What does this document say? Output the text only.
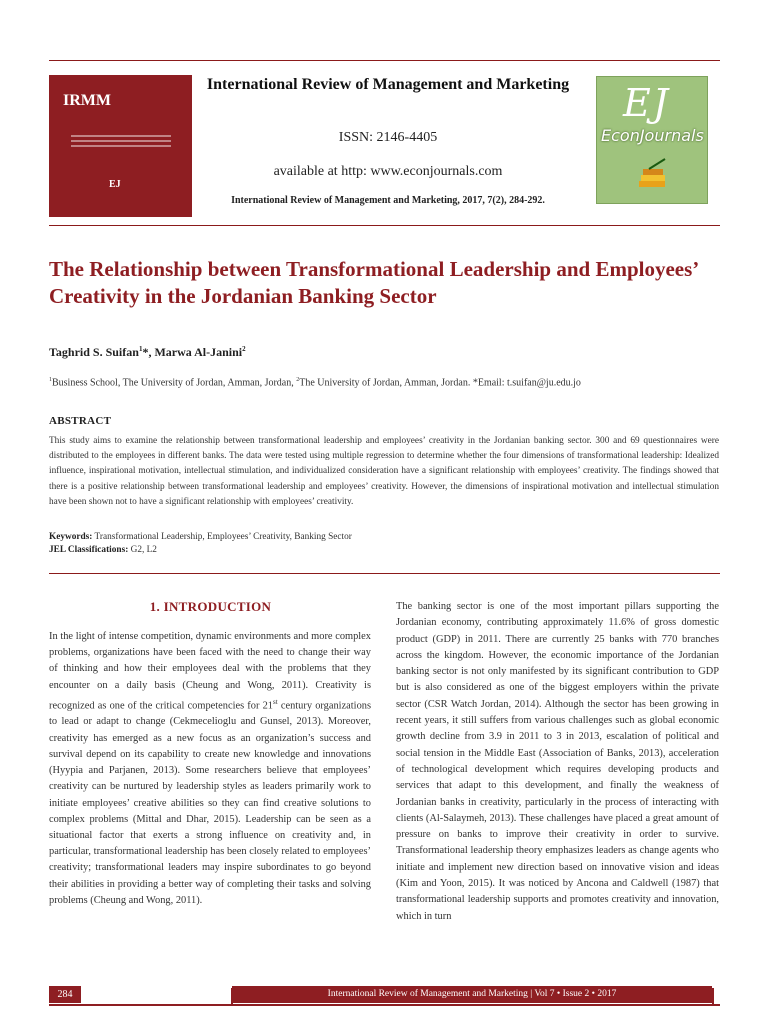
IRMM
EJ
International Review of Management and Marketing
ISSN: 2146-4405
available at http: www.econjournals.com
International Review of Management and Marketing, 2017, 7(2), 284-292.
EJ
EconJournals
The Relationship between Transformational Leadership and Employees’ Creativity in the Jordanian Banking Sector
Taghrid S. Suifan$^1$*, Marwa Al-Janini$^2$
$^1$Business School, The University of Jordan, Amman, Jordan, $^2$The University of Jordan, Amman, Jordan. *Email: t.suifan@ju.edu.jo
ABSTRACT
This study aims to examine the relationship between transformational leadership and employees’ creativity in the Jordanian banking sector. 300 and 69 questionnaires were distributed to the employees in different banks. The data were tested using multiple regression to determine whether the four dimensions of transformational leadership: Idealized influence, inspirational motivation, intellectual stimulation, and individualized consideration have a significant relationship with employees’ creativity. The findings showed that there is a positive relationship between transformational leadership and employees’ creativity. However, the dimensions of inspirational motivation and intellectual stimulation have been shown not to have a significant relationship with employees’ creativity.
Keywords: Transformational Leadership, Employees’ Creativity, Banking Sector
JEL Classifications: G2, L2
1. INTRODUCTION
In the light of intense competition, dynamic environments and more complex problems, organizations have been faced with the need to change their way of thinking and how their employees deal with the problems that they encounter on a daily basis (Cheung and Wong, 2011). Creativity is recognized as one of the critical competencies for 21st century organizations to lead or adapt to change (Cekmecelioglu and Gunsel, 2013). Moreover, creativity has emerged as a new focus as an organization’s success and survival depend on its capability to create new knowledge and innovations (Hyypia and Parjanen, 2013). Some researchers believe that employees’ creativity can be nurtured by leadership styles as leaders primarily work to initiate employees’ creative abilities so they can find creative solutions to complex problems (Mittal and Dhar, 2015). Leadership can be seen as a situational factor that exerts a strong influence on creativity and, in particular, transformational leadership has been closely related to employees’ creativity; transformational leaders may inspire subordinates to go beyond their abilities in providing a better way of completing their tasks and solving problems (Cheung and Wong, 2011).
The banking sector is one of the most important pillars supporting the Jordanian economy, contributing approximately 11.6% of gross domestic product (GDP) in 2011. There are currently 25 banks with 770 branches across the kingdom. However, the economic importance of the Jordanian banking sector is not only manifested by its significant contribution to GDP but is also considered as one of the biggest employers within the private sector (CSR Watch Jordan, 2014). Although the sector has been growing in recent years, it still suffers from various challenges such as global economic growth decline from 3.9 in 2011 to 3 in 2013, escalation of political and social tension in the Middle East (Association of Banks, 2013), acceleration of technological development which requires developing products and services that adapt to this development, and finally the weakness of Jordanian banks in creativity, particularly in the process of interacting with clients (Al-Salaymeh, 2013). These challenges have placed a great amount of pressure on banks to improve their creativity in order to survive. Transformational leadership theory emphasizes leaders as change agents who initiate and implement new direction based on innovative vision and ideas (Kim and Yoon, 2015). It was noticed by Ancona and Caldwell (1987) that transformational leadership supports and promotes creativity and innovation, which in turn
284	International Review of Management and Marketing | Vol 7 • Issue 2 • 2017
